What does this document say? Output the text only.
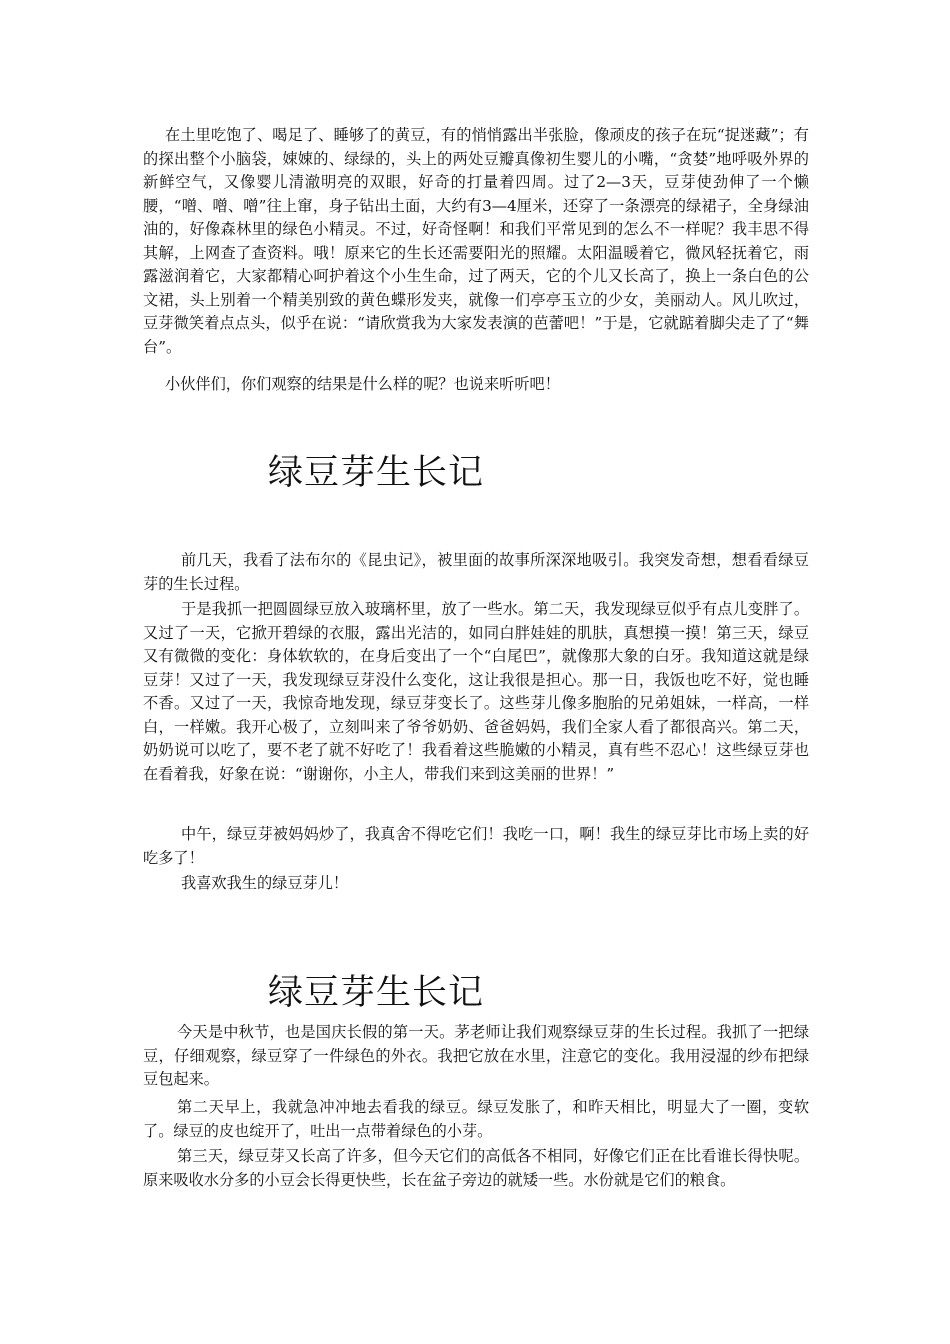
在土里吃饱了、喝足了、睡够了的黄豆，有的悄悄露出半张脸，像顽皮的孩子在玩“捉迷藏”；有的探出整个小脑袋，娕娕的、绿绿的，头上的两处豆瓣真像初生婴儿的小嘴，“贪婪”地呼吸外界的新鲜空气，又像婴儿清澈明亮的双眼，好奇的打量着四周。过了2—3天，豆芽使劲伸了一个懒腰，“噌、噌、噌”往上窜，身子钻出土面，大约有3—4厘米，还穿了一条漂亮的绿裙子，全身绿油油的，好像森林里的绿色小精灵。不过，好奇怪啊！和我们平常见到的怎么不一样呢？我丰思不得其解，上网查了查资料。哦！原来它的生长还需要阳光的照耀。太阳温暖着它，微风轻抚着它，雨露滋润着它，大家都精心呵护着这个小生生命，过了两天，它的个儿又长高了，换上一条白色的公文裙，头上别着一个精美别致的黄色蝶形发夹，就像一们亭亭玉立的少女，美丽动人。风儿吹过，豆芽微笑着点点头，似乎在说：“请欣赏我为大家发表演的芭蕾吧！”于是，它就踮着脚尖走了了“舞台”。

小伙伴们，你们观察的结果是什么样的呢？也说来听听吧！

绿豆芽生长记

前几天，我看了法布尔的《昆虫记》，被里面的故事所深深地吸引。我突发奇想，想看看绿豆芽的生长过程。

于是我抓一把圆圆绿豆放入玻璃杯里，放了一些水。第二天，我发现绿豆似乎有点儿变胖了。又过了一天，它掀开碧绿的衣服，露出光洁的，如同白胖娃娃的肌肤，真想摸一摸！第三天，绿豆又有微微的变化：身体软软的，在身后变出了一个“白尾巴”，就像那大象的白牙。我知道这就是绿豆芽！又过了一天，我发现绿豆芽没什么变化，这让我很是担心。那一日，我饭也吃不好，觉也睡不香。又过了一天，我惊奇地发现，绿豆芽变长了。这些芽儿像多胞胎的兄弟姐妹，一样高，一样白，一样嫩。我开心极了，立刻叫来了爷爷奶奶、爸爸妈妈，我们全家人看了都很高兴。第二天，奶奶说可以吃了，要不老了就不好吃了！我看着这些脆嫩的小精灵，真有些不忍心！这些绿豆芽也在看着我，好象在说：“谢谢你，小主人，带我们来到这美丽的世界！”

中午，绿豆芽被妈妈炒了，我真舍不得吃它们！我吃一口，啊！我生的绿豆芽比市场上卖的好吃多了！

我喜欢我生的绿豆芽儿！

绿豆芽生长记

今天是中秋节，也是国庆长假的第一天。茅老师让我们观察绿豆芽的生长过程。我抓了一把绿豆，仔细观察，绿豆穿了一件绿色的外衣。我把它放在水里，注意它的变化。我用浸湿的纱布把绿豆包起来。

第二天早上，我就急冲冲地去看我的绿豆。绿豆发胀了，和昨天相比，明显大了一圈，变软了。绿豆的皮也绽开了，吐出一点带着绿色的小芽。

第三天，绿豆芽又长高了许多，但今天它们的高低各不相同，好像它们正在比看谁长得快呢。原来吸收水分多的小豆会长得更快些，长在盆子旁边的就矮一些。水份就是它们的粮食。
